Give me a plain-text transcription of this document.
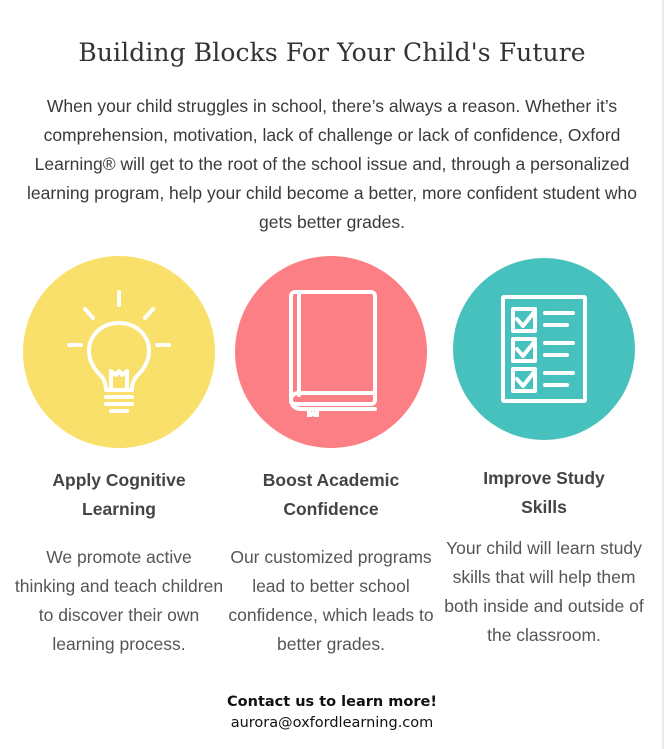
Building Blocks For Your Child's Future
When your child struggles in school, there’s always a reason. Whether it’s comprehension, motivation, lack of challenge or lack of confidence, Oxford Learning® will get to the root of the school issue and, through a personalized learning program, help your child become a better, more confident student who gets better grades.
Apply Cognitive Learning
We promote active thinking and teach children to discover their own learning process.
Boost Academic Confidence
Our customized programs lead to better school confidence, which leads to better grades.
Improve Study Skills
Your child will learn study skills that will help them both inside and outside of the classroom.
Contact us to learn more!
aurora@oxfordlearning.com
